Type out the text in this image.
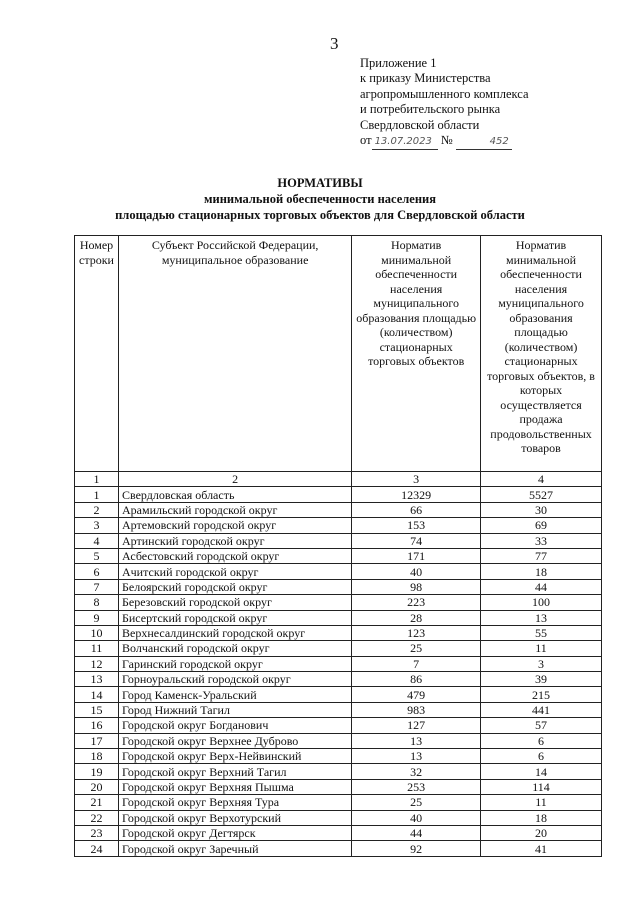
3
Приложение 1
к приказу Министерства
агропромышленного комплекса
и потребительского рынка
Свердловской области
от 13.07.2023 №	452
НОРМАТИВЫ
минимальной обеспеченности населения
площадью стационарных торговых объектов для Свердловской области
Номер строки	Субъект Российской Федерации, муниципальное образование	Норматив минимальной обеспеченности населения муниципального образования площадью (количеством) стационарных торговых объектов	Норматив минимальной обеспеченности населения муниципального образования площадью (количеством) стационарных торговых объектов, в которых осуществляется продажа продовольственных товаров
1	2	3	4
1	Свердловская область	12329	5527
2	Арамильский городской округ	66	30
3	Артемовский городской округ	153	69
4	Артинский городской округ	74	33
5	Асбестовский городской округ	171	77
6	Ачитский городской округ	40	18
7	Белоярский городской округ	98	44
8	Березовский городской округ	223	100
9	Бисертский городской округ	28	13
10	Верхнесалдинский городской округ	123	55
11	Волчанский городской округ	25	11
12	Гаринский городской округ	7	3
13	Горноуральский городской округ	86	39
14	Город Каменск-Уральский	479	215
15	Город Нижний Тагил	983	441
16	Городской округ Богданович	127	57
17	Городской округ Верхнее Дуброво	13	6
18	Городской округ Верх-Нейвинский	13	6
19	Городской округ Верхний Тагил	32	14
20	Городской округ Верхняя Пышма	253	114
21	Городской округ Верхняя Тура	25	11
22	Городской округ Верхотурский	40	18
23	Городской округ Дегтярск	44	20
24	Городской округ Заречный	92	41
